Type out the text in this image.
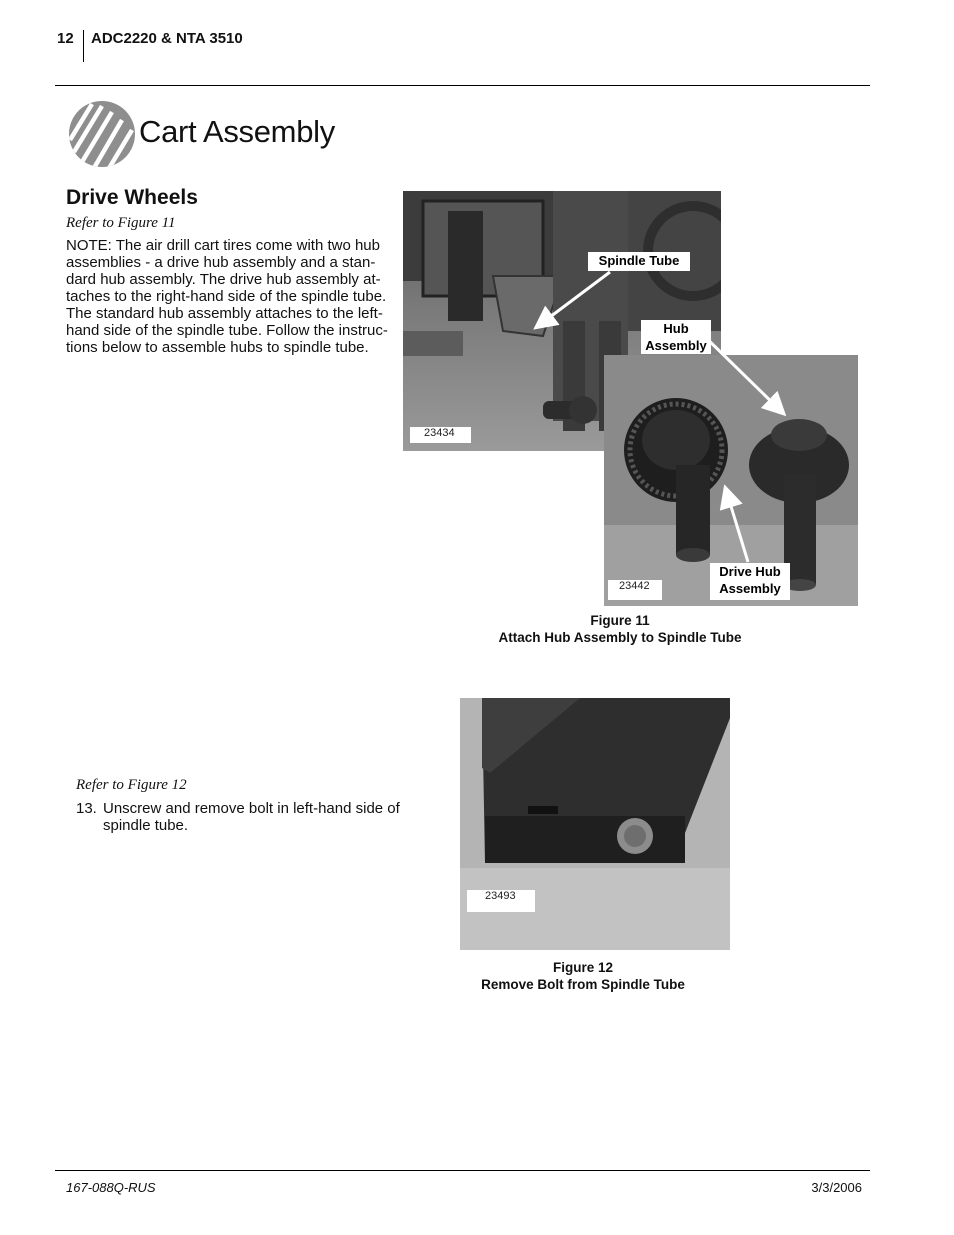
12 ADC2220 & NTA 3510
Cart Assembly
Drive Wheels
Refer to Figure 11
NOTE: The air drill cart tires come with two hub
assemblies - a drive hub assembly and a stan-
dard hub assembly. The drive hub assembly at-
taches to the right-hand side of the spindle tube.
The standard hub assembly attaches to the left-
hand side of the spindle tube. Follow the instruc-
tions below to assemble hubs to spindle tube.
23434
23442
Spindle Tube
Hub
Assembly
Drive Hub
Assembly
Figure 11
Attach Hub Assembly to Spindle Tube
Refer to Figure 12
13. Unscrew and remove bolt in left-hand side of
spindle tube.
23493
Figure 12
Remove Bolt from Spindle Tube
167-088Q-RUS	3/3/2006
